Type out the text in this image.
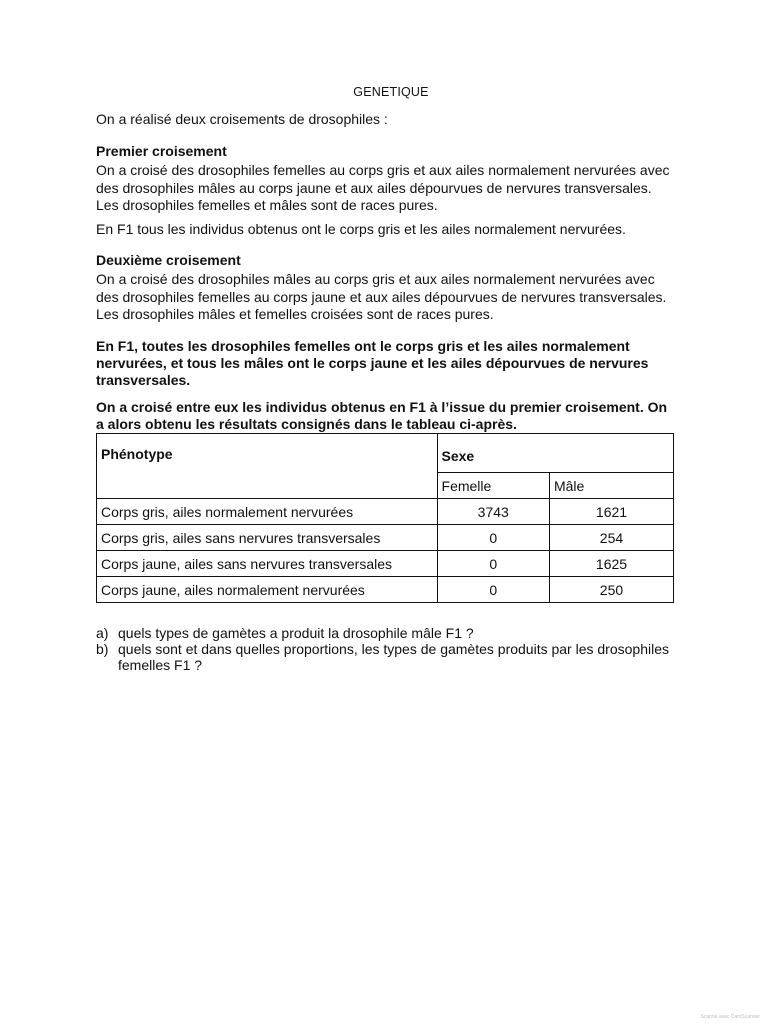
GENETIQUE
On a réalisé deux croisements de drosophiles :
Premier croisement

On a croisé des drosophiles femelles au corps gris et aux ailes normalement nervurées avec

des drosophiles mâles au corps jaune et aux ailes dépourvues de nervures transversales.

Les drosophiles femelles et mâles sont de races pures.

En F1 tous les individus obtenus ont le corps gris et les ailes normalement nervurées.
Deuxième croisement

On a croisé des drosophiles mâles au corps gris et aux ailes normalement nervurées avec

des drosophiles femelles au corps jaune et aux ailes dépourvues de nervures transversales.

Les drosophiles mâles et femelles croisées sont de races pures.

En F1, toutes les drosophiles femelles ont le corps gris et les ailes normalement

nervurées, et tous les mâles ont le corps jaune et les ailes dépourvues de nervures

transversales.

On a croisé entre eux les individus obtenus en F1 à l’issue du premier croisement. On

a alors obtenu les résultats consignés dans le tableau ci-après.

Phénotype	Sexe	
	Femelle	Mâle
Corps gris, ailes normalement nervurées	3743	1621
Corps gris, ailes sans nervures transversales	0	254
Corps jaune, ailes sans nervures transversales	0	1625
Corps jaune, ailes normalement nervurées	0	250
a) quels types de gamètes a produit la drosophile mâle F1 ?
b) quels sont et dans quelles proportions, les types de gamètes produits par les drosophiles femelles F1 ?
Scanné avec CamScanner
